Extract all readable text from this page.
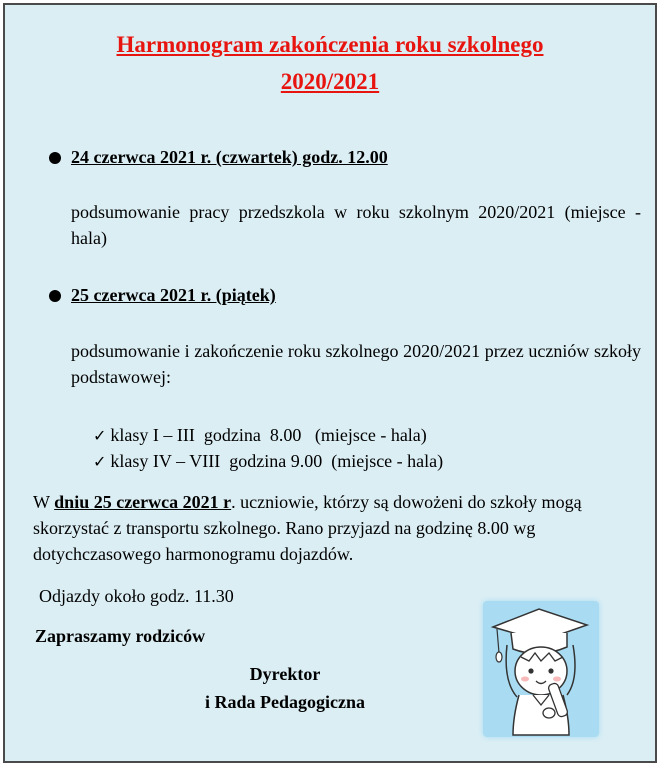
Harmonogram zakończenia roku szkolnego
2020/2021
24 czerwca 2021 r. (czwartek) godz. 12.00
podsumowanie pracy przedszkola w roku szkolnym 2020/2021 (miejsce - hala)
25 czerwca 2021 r. (piątek)
podsumowanie i zakończenie roku szkolnego 2020/2021 przez uczniów szkoły podstawowej:
✓ klasy I – III  godzina  8.00   (miejsce - hala)
✓ klasy IV – VIII  godzina 9.00  (miejsce - hala)
W dniu 25 czerwca 2021 r. uczniowie, którzy są dowożeni do szkoły mogą skorzystać z transportu szkolnego. Rano przyjazd na godzinę 8.00 wg dotychczasowego harmonogramu dojazdów.
Odjazdy około godz. 11.30
Zapraszamy rodziców
Dyrektor
i Rada Pedagogiczna
